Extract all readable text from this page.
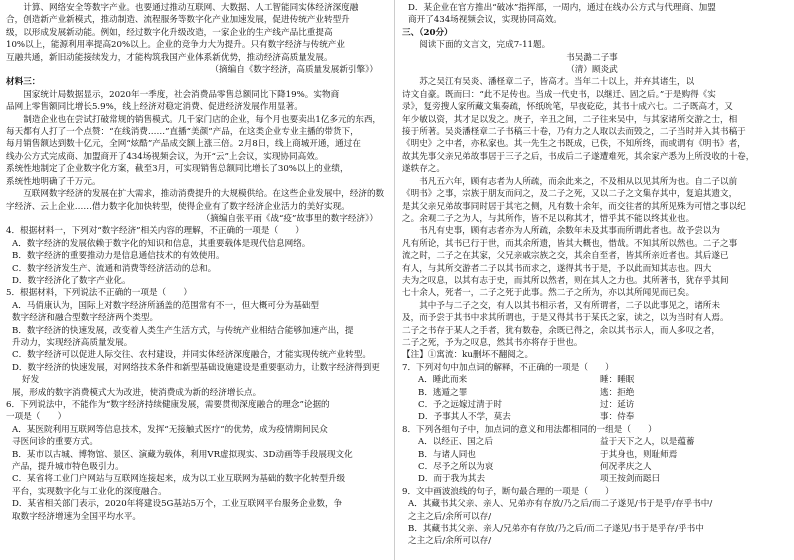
计算、网络安全等数字产业。也要通过推动互联网、大数据、人工智能同实体经济深度融

合，创造新产业新模式，推动制造、流程服务等数字化产业加速发展，促进传统产业转型升

级，以形成发展新动能。例如，经过数字化升级改造，一家企业的生产线产品比重提高

10%以上，能源利用率提高20%以上。企业的竞争力大为提升。只有数字经济与传统产业

互融共通，新旧动能接续发力，才能构筑我国产业体系新优势，推动经济高质量发展。

（摘编自《数字经济，高质量发展新引擎》）

材料三：

国家统计局数据显示，2020年一季度，社会消费品零售总额同比下降19%。实物商

品网上零售额同比增长5.9%，线上经济对稳定消费、促进经济发展作用显著。

制造企业也在尝试打破常规的销售模式。几千家门店的企业，每个月也要卖出1亿多元的东西，

每天都有人打了一个点赞：“在线消费……”直播“美颜”产品，在这类企业专业主播的带货下，

每月销售额达到数十亿元，全网“炫酷”产品成交额上涨三倍。2月8日，线上商城开通，通过在

线办公方式完成商、加盟商开了434场视频会议，为开“云”上会议，实现协同高效。

系统性地制定了企业数字化方案，截至3月，可实现销售总额同比增长了30%以上的业绩，

系统性地明确了千万元。

互联网数字经济的发展在扩大需求，推动消费提升的大规模供给。在这些企业发展中，经济的数

字经济、云上企业……借力数字化加快转型，使得企业有了数字经济企业活力的美好实现。

（摘编自张平雨《战“疫”故事里的数字经济》）

4．根据材料一，下列对“数字经济”相关内容的理解，不正确的一项是（　　）

A．数字经济的发展依赖于数字化的知识和信息，其重要载体是现代信息网络。

B．数字经济的重要推动力是信息通信技术的有效使用。

C．数字经济发生产、流通和消费等经济活动的总和。

D．数字经济化了数字产业化。

5．根据材料，下列说法不正确的一项是（　　）

A．马俏康认为，国际上对数字经济所涵盖的范围常有不一，但大概可分为基础型

数字经济和融合型数字经济两个类型。

B．数字经济的快速发展，改变着人类生产生活方式，与传统产业相结合能够加速产出，提

升动力，实现经济高质量发展。

C．数字经济可以促进人际交往、农村建设，并同实体经济深度融合，才能实现传统产业转型。

D．数字经济的快速发展，对网络技术条件和新型基础设施建设是重要驱动力，让数字经济得到更好发

展，形成的数字消费模式大为改进，使消费成为新的经济增长点。

6．下列说法中，不能作为“数字经济持续健康发展，需要贯彻深度融合的理念”论据的

一项是（　　）

A．某医院利用互联网等信息技术，发挥“无接触式医疗”的优势，成为疫情期间民众

寻医问诊的重要方式。

B．某市以古城、博物馆、景区、演藏为载体，利用VR虚拟现实、3D动画等手段展现文化

产品，提升城市特色吸引力。

C．某省将工业门户网站与互联网连接起来，成为以工业互联网为基础的数字化转型升级

平台，实现数字化与工业化的深度融合。

D．某省相关部门表示，2020年将建设5G基站5万个，工业互联网平台服务企业数，争

取数字经济增速为全国平均水平。

D．某企业在官方推出“破冰”指挥部，一周内，通过在线办公方式与代理商、加盟

商开了434场视频会议，实现协同高效。

三、（20分）

阅读下面的文言文，完成7-11题。

书吴潞二子事

（清）顾炎武

苏之吴江有吴炎、潘柽章二子，皆高才。当年二十以上，并弃其诸生，以

诗文自豪。既而曰：“此不足传也。当成一代史书，以继迁、固之后。”于是购得《实

录》，复旁搜人家所藏文集奏疏，怀纸吮笔，早夜矻矻，其书十成六七。二子既高才，又

年少敏以资，其才足以发之。庚子，辛丑之间，二子往来吴中，与其家诸所交游之士，相

接于所著。吴炎潘柽章二子书稿三十卷，乃有力之人取以去而毁之，二子当时并入其书稿于

《明史》之中者，亦私家也。其一先生之书既成，已佚，不知所终，而或谓有《明书》者，

故其先事父亲兄弟故事居于三子之后，书成后二子遂遭难死，其余家产悉为上所没收的十卷，

遂轶存之。

书凡五六年，顾有志者为人所疏，而余此来之，不及相从以见其所为也。自二子以前

《明书》之事，宗族于朋友而问之，及二子之死，又以二子之文集存其中，复追其遗文，

是其父亲兄弟故事同时居于其宅之侧，凡有数十余年，而交往者的其所见殊为可惜之事以纪

之。余观二子之为人，与其所作，皆不足以称其才，惜乎其不能以终其业也。

书凡有史事，顾有志者亦为人所疏，余数年未及其事而所谓此者也。故予尝以为

凡有所论，其书已行于世，而其余所遗，皆其大概也，惜哉。不知其所以然也。二子之事

流之时，二子之在其家，父兄亲戚宗族之交，其余自至者，皆其所亲近者也。其后遂已

有人，与其所交游者二子以其书而求之，遂得其书于是，予以此而知其志也。四大

夫为之叹息，以其有志于史，而其所以然者，则在其人之力也。其所著书，犹存乎其间

七十余人，死者一，二子之死于此事。然二子之所为，亦以其所闻见而已矣。

其中予与二子之交，有人以其书相示者，又有所谓者，二子以此事见之，诸所未

及，而予尝于其书中求其所谓也，于是又得其书于某氏之家，读之，以为当时有人焉。

二子之书存于某人之手者，犹有数卷，余既已得之，余以其书示人，而人多叹之者，

二子之死，予为之叹息，然其书亦将存于世也。

【注】①寓流：ku删坏不翻阅之。

7．下列对句中加点词的解释，不正确的一项是（　　）

A．睡此而来	睡：睡眠
B．逃遁之罪	逃：拒绝
C．予之远嫁过清于时	过：延访
D．予事其人不学，莫去	事：侍奉

8．下列各组句子中，加点词的意义和用法都相同的一组是（　　）

A．以经正、国之后	益于天下之人，以是蕴蓄
B．与诸人同也	于其身也，则耻师焉
C．尽予之所以为哀	何况孝庆之人
D．而于我为其去	项王按剑而跽曰

9．文中画波浪线的句子，断句最合理的一项是（　　）

A．其藏书其父亲、亲人、兄弟亦有存放/乃之后/而二子遂见/书于是乎/存乎书中/

之主之后/余所可以存/

B．其藏书其父亲、亲人/兄弟亦有存放/乃之后/而二子遂见/书于是乎存/乎书中

之主之后/余所可以存/
